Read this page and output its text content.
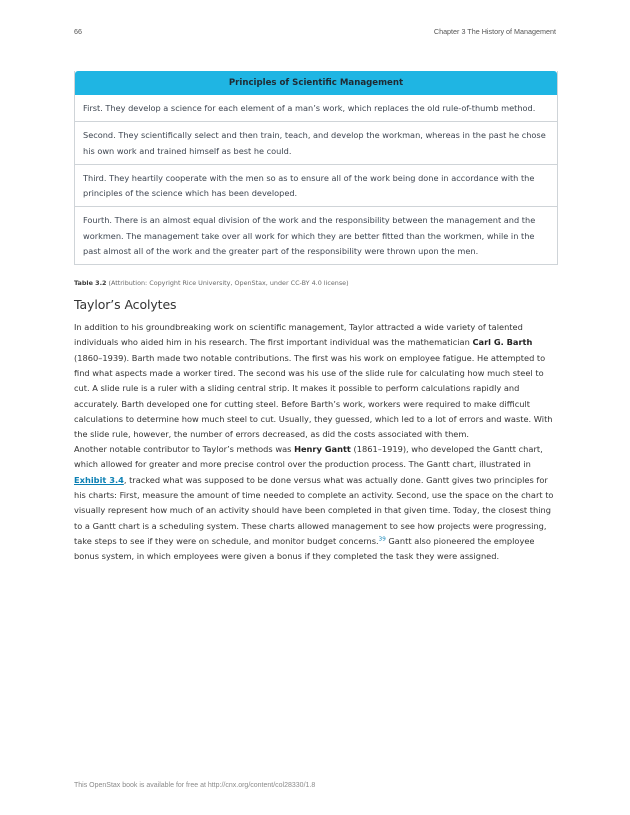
66	Chapter 3 The History of Management
Principles of Scientific Management
First. They develop a science for each element of a man’s work, which replaces the old rule-of-thumb method.
Second. They scientifically select and then train, teach, and develop the workman, whereas in the past he chose his own work and trained himself as best he could.
Third. They heartily cooperate with the men so as to ensure all of the work being done in accordance with the principles of the science which has been developed.
Fourth. There is an almost equal division of the work and the responsibility between the management and the workmen. The management take over all work for which they are better fitted than the workmen, while in the past almost all of the work and the greater part of the responsibility were thrown upon the men.
Table 3.2 (Attribution: Copyright Rice University, OpenStax, under CC-BY 4.0 license)
Taylor’s Acolytes

In addition to his groundbreaking work on scientific management, Taylor attracted a wide variety of talented individuals who aided him in his research. The first important individual was the mathematician Carl G. Barth (1860–1939). Barth made two notable contributions. The first was his work on employee fatigue. He attempted to find what aspects made a worker tired. The second was his use of the slide rule for calculating how much steel to cut. A slide rule is a ruler with a sliding central strip. It makes it possible to perform calculations rapidly and accurately. Barth developed one for cutting steel. Before Barth’s work, workers were required to make difficult calculations to determine how much steel to cut. Usually, they guessed, which led to a lot of errors and waste. With the slide rule, however, the number of errors decreased, as did the costs associated with them.

Another notable contributor to Taylor’s methods was Henry Gantt (1861–1919), who developed the Gantt chart, which allowed for greater and more precise control over the production process. The Gantt chart, illustrated in Exhibit 3.4, tracked what was supposed to be done versus what was actually done. Gantt gives two principles for his charts: First, measure the amount of time needed to complete an activity. Second, use the space on the chart to visually represent how much of an activity should have been completed in that given time. Today, the closest thing to a Gantt chart is a scheduling system. These charts allowed management to see how projects were progressing, take steps to see if they were on schedule, and monitor budget concerns.$^{39}$ Gantt also pioneered the employee bonus system, in which employees were given a bonus if they completed the task they were assigned.

This OpenStax book is available for free at http://cnx.org/content/col28330/1.8
